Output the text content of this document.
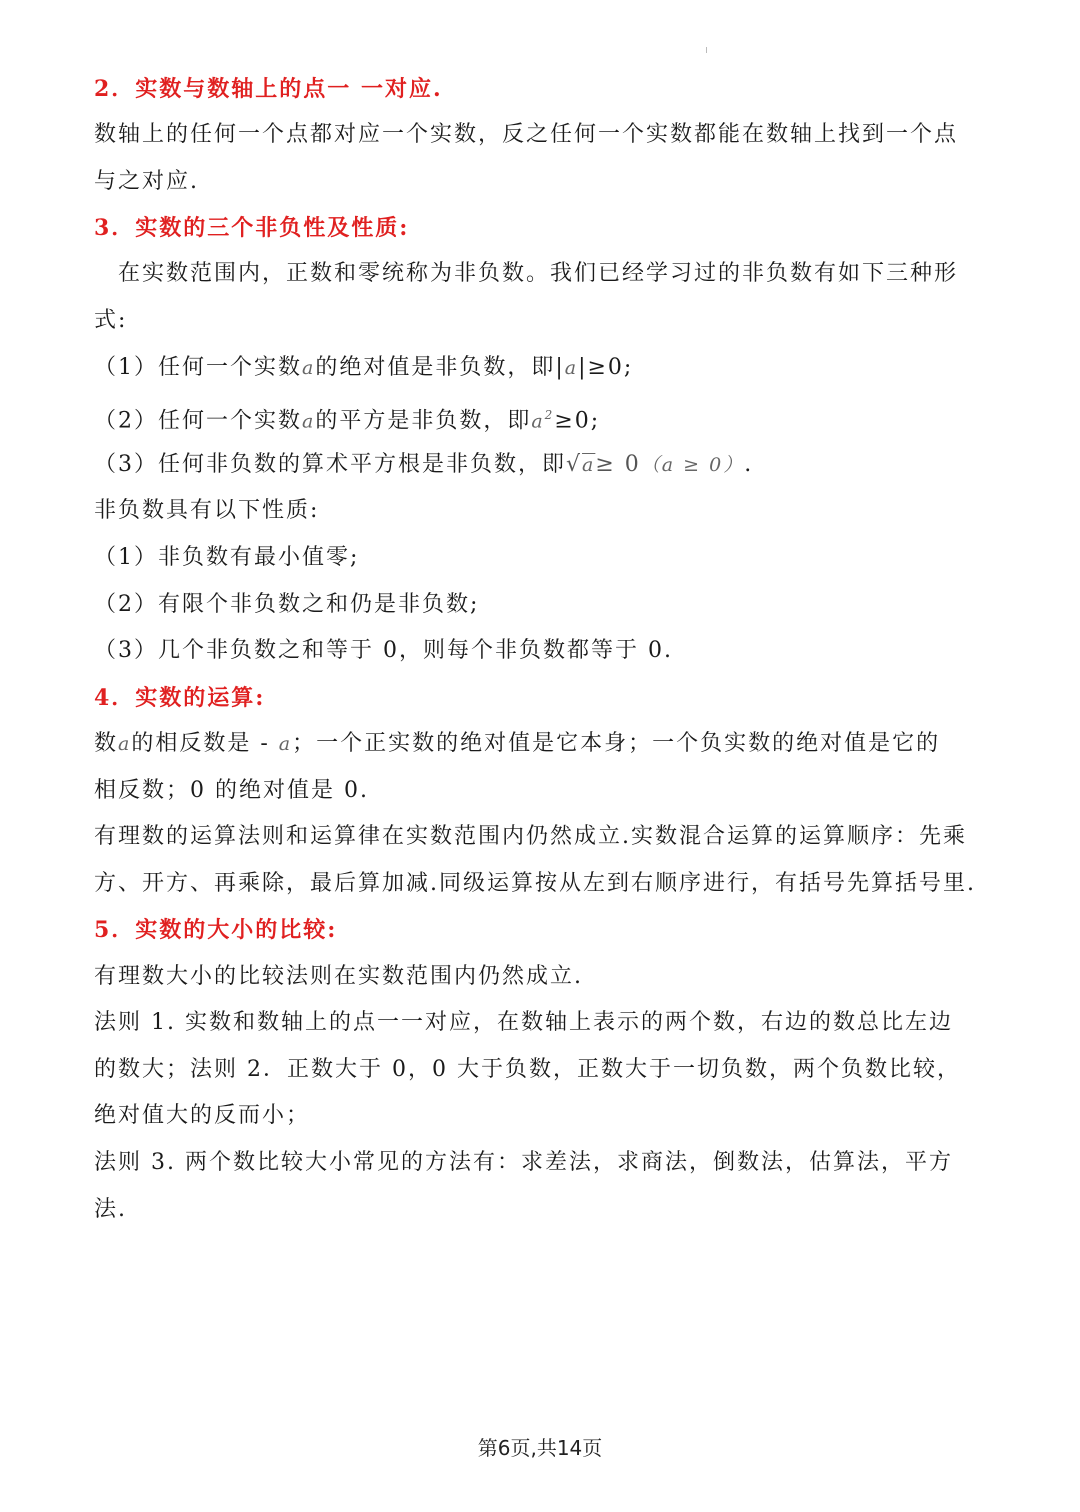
2．实数与数轴上的点一 一对应.
数轴上的任何一个点都对应一个实数，反之任何一个实数都能在数轴上找到一个点
与之对应.
3．实数的三个非负性及性质:
在实数范围内，正数和零统称为非负数。我们已经学习过的非负数有如下三种形
式:
（1）任何一个实数a的绝对值是非负数，即|a|≥0;
（2）任何一个实数a的平方是非负数，即$a^2\ge 0$;
（3）任何非负数的算术平方根是非负数，即√a≥ 0（a ≥ 0）.
非负数具有以下性质:
（1）非负数有最小值零;
（2）有限个非负数之和仍是非负数;
（3）几个非负数之和等于 0，则每个非负数都等于 0.
4．实数的运算:
数a的相反数是 - a；一个正实数的绝对值是它本身；一个负实数的绝对值是它的
相反数；0 的绝对值是 0.
有理数的运算法则和运算律在实数范围内仍然成立.实数混合运算的运算顺序：先乘
方、开方、再乘除，最后算加减.同级运算按从左到右顺序进行，有括号先算括号里.
5．实数的大小的比较:
有理数大小的比较法则在实数范围内仍然成立.
法则 1. 实数和数轴上的点一一对应，在数轴上表示的两个数，右边的数总比左边
的数大；法则 2．正数大于 0，0 大于负数，正数大于一切负数，两个负数比较，
绝对值大的反而小；
法则 3. 两个数比较大小常见的方法有：求差法，求商法，倒数法，估算法，平方
法.
第6页,共14页
